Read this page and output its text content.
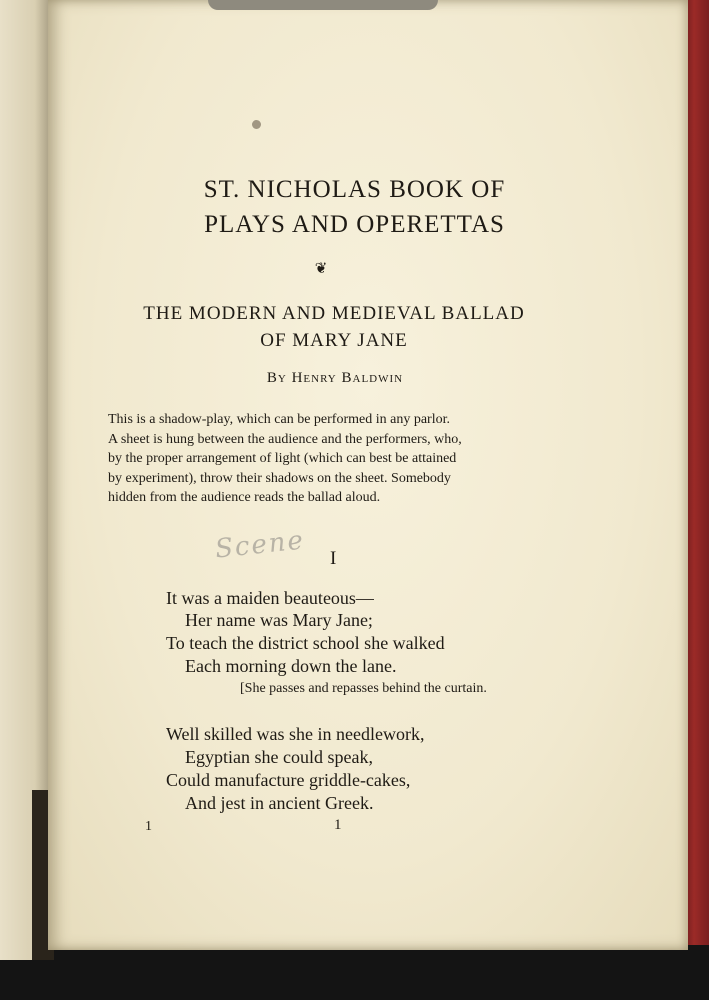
ST. NICHOLAS BOOK OF
PLAYS AND OPERETTAS
❦
THE MODERN AND MEDIEVAL BALLAD
OF MARY JANE
By Henry Baldwin
This is a shadow-play, which can be performed in any parlor.
A sheet is hung between the audience and the performers, who,
by the proper arrangement of light (which can best be attained
by experiment), throw their shadows on the sheet. Somebody
hidden from the audience reads the ballad aloud.
Scene I
It was a maiden beauteous—
Her name was Mary Jane;
To teach the district school she walked
Each morning down the lane.
[She passes and repasses behind the curtain.
Well skilled was she in needlework,
Egyptian she could speak,
Could manufacture griddle-cakes,
And jest in ancient Greek.
1	1
